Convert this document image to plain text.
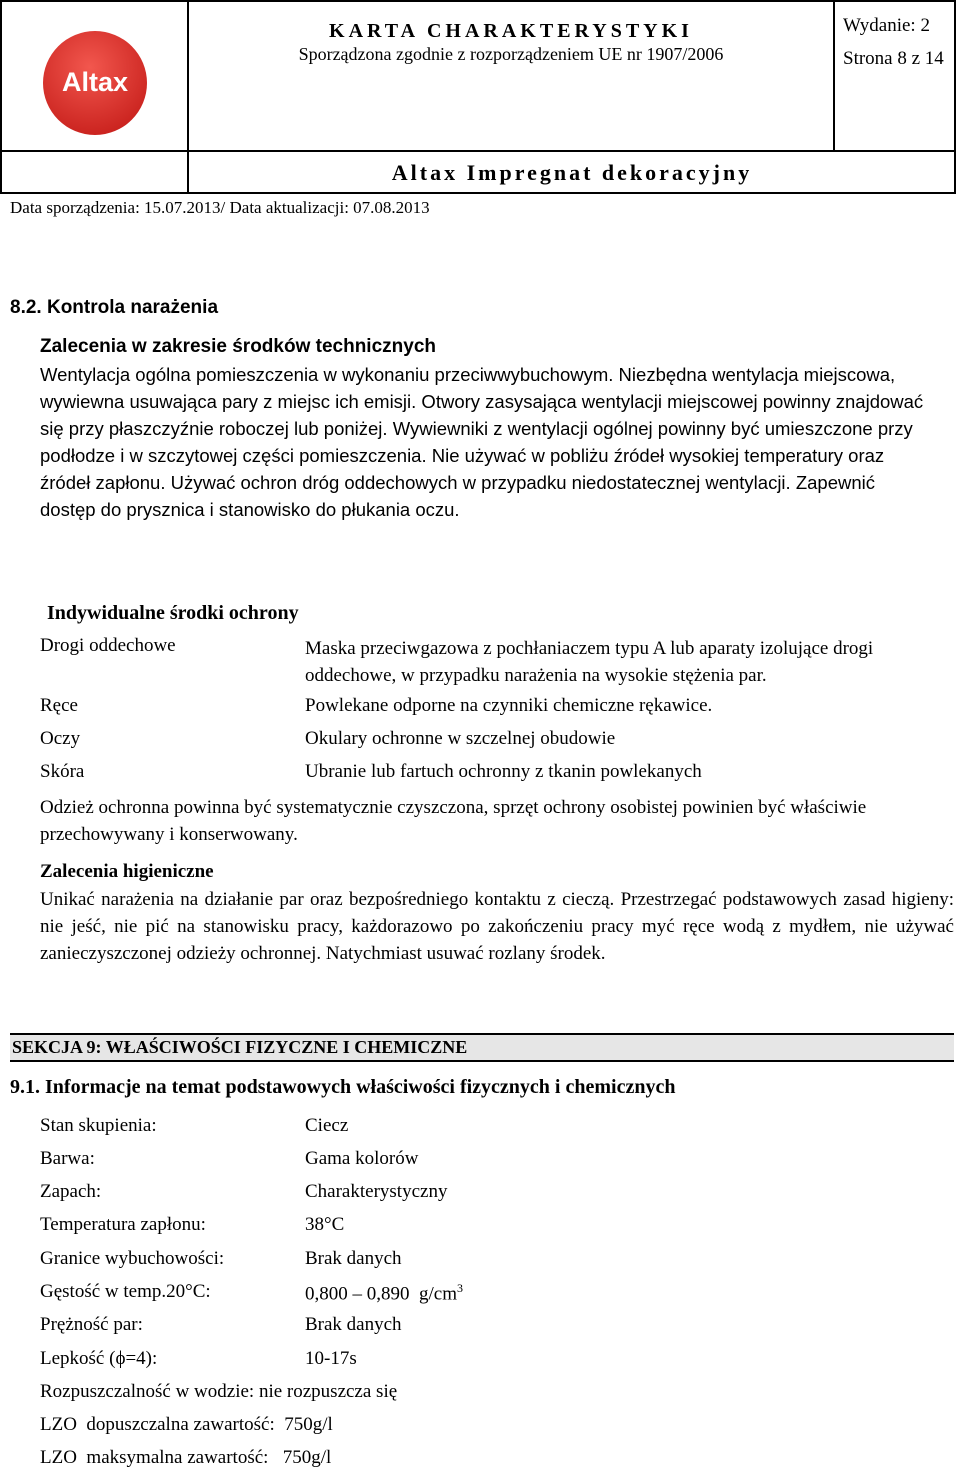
Altax
KARTA CHARAKTERYSTYKI
Sporządzona zgodnie z rozporządzeniem UE nr 1907/2006
Wydanie: 2
Strona 8 z 14
Altax Impregnat dekoracyjny
Data sporządzenia: 15.07.2013/ Data aktualizacji: 07.08.2013
8.2. Kontrola narażenia
Zalecenia w zakresie środków technicznych
Wentylacja ogólna pomieszczenia w wykonaniu przeciwwybuchowym. Niezbędna wentylacja miejscowa, wywiewna usuwająca pary z miejsc ich emisji. Otwory zasysająca wentylacji miejscowej powinny znajdować się przy płaszczyźnie roboczej lub poniżej. Wywiewniki z wentylacji ogólnej powinny być umieszczone przy podłodze i w szczytowej części pomieszczenia. Nie używać w pobliżu źródeł wysokiej temperatury oraz źródeł zapłonu. Używać ochron dróg oddechowych w przypadku niedostatecznej wentylacji. Zapewnić dostęp do prysznica i stanowisko do płukania oczu.
Indywidualne środki ochrony
Drogi oddechowe	Maska przeciwgazowa z pochłaniaczem typu A lub aparaty izolujące drogi oddechowe, w przypadku narażenia na wysokie stężenia par.
Ręce	Powlekane odporne na czynniki chemiczne rękawice.
Oczy	Okulary ochronne w szczelnej obudowie
Skóra	Ubranie lub fartuch ochronny z tkanin powlekanych
Odzież ochronna powinna być systematycznie czyszczona, sprzęt ochrony osobistej powinien być właściwie przechowywany i konserwowany.
Zalecenia higieniczne
Unikać narażenia na działanie par oraz bezpośredniego kontaktu z cieczą. Przestrzegać podstawowych zasad higieny: nie jeść, nie pić na stanowisku pracy, każdorazowo po zakończeniu pracy myć ręce wodą z mydłem, nie używać zanieczyszczonej odzieży ochronnej. Natychmiast usuwać rozlany środek.
SEKCJA 9: WŁAŚCIWOŚCI FIZYCZNE I CHEMICZNE
9.1. Informacje na temat podstawowych właściwości fizycznych i chemicznych
Stan skupienia:	Ciecz
Barwa:	Gama kolorów
Zapach:	Charakterystyczny
Temperatura zapłonu:	38°C
Granice wybuchowości:	Brak danych
Gęstość w temp.20°C:	0,800 – 0,890  $g/cm^3$
Prężność par:	Brak danych
Lepkość (ϕ=4):	10-17s
Rozpuszczalność w wodzie: nie rozpuszcza się
LZO  dopuszczalna zawartość:  750g/l
LZO  maksymalna zawartość:   750g/l
